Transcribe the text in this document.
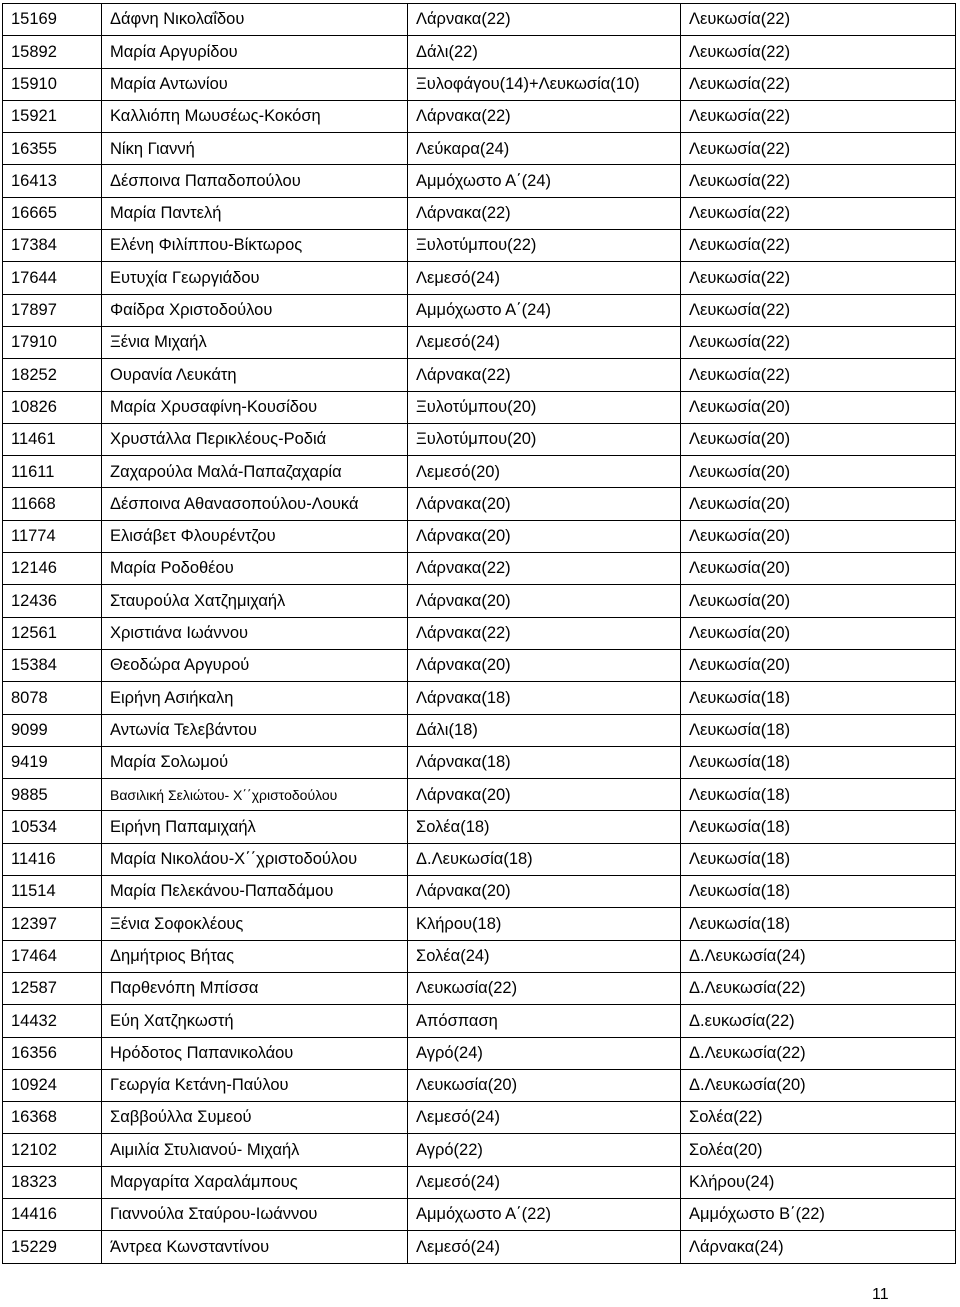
15169	Δάφνη Νικολαΐδου	Λάρνακα(22)	Λευκωσία(22)
15892	Μαρία Αργυρίδου	Δάλι(22)	Λευκωσία(22)
15910	Μαρία Αντωνίου	Ξυλοφάγου(14)+Λευκωσία(10)	Λευκωσία(22)
15921	Καλλιόπη Μωυσέως-Κοκόση	Λάρνακα(22)	Λευκωσία(22)
16355	Νίκη Γιαννή	Λεύκαρα(24)	Λευκωσία(22)
16413	Δέσποινα Παπαδοπούλου	Αμμόχωστο Α΄(24)	Λευκωσία(22)
16665	Μαρία Παντελή	Λάρνακα(22)	Λευκωσία(22)
17384	Ελένη Φιλίππου-Βίκτωρος	Ξυλοτύμπου(22)	Λευκωσία(22)
17644	Ευτυχία Γεωργιάδου	Λεμεσό(24)	Λευκωσία(22)
17897	Φαίδρα Χριστοδούλου	Αμμόχωστο Α΄(24)	Λευκωσία(22)
17910	Ξένια Μιχαήλ	Λεμεσό(24)	Λευκωσία(22)
18252	Ουρανία Λευκάτη	Λάρνακα(22)	Λευκωσία(22)
10826	Μαρία Χρυσαφίνη-Κουσίδου	Ξυλοτύμπου(20)	Λευκωσία(20)
11461	Χρυστάλλα Περικλέους-Ροδιά	Ξυλοτύμπου(20)	Λευκωσία(20)
11611	Ζαχαρούλα Μαλά-Παπαζαχαρία	Λεμεσό(20)	Λευκωσία(20)
11668	Δέσποινα Αθανασοπούλου-Λουκά	Λάρνακα(20)	Λευκωσία(20)
11774	Ελισάβετ Φλουρέντζου	Λάρνακα(20)	Λευκωσία(20)
12146	Μαρία Ροδοθέου	Λάρνακα(22)	Λευκωσία(20)
12436	Σταυρούλα Χατζημιχαήλ	Λάρνακα(20)	Λευκωσία(20)
12561	Χριστιάνα Ιωάννου	Λάρνακα(22)	Λευκωσία(20)
15384	Θεοδώρα Αργυρού	Λάρνακα(20)	Λευκωσία(20)
8078	Ειρήνη Ασιήκαλη	Λάρνακα(18)	Λευκωσία(18)
9099	Αντωνία Τελεβάντου	Δάλι(18)	Λευκωσία(18)
9419	Μαρία Σολωμού	Λάρνακα(18)	Λευκωσία(18)
9885	Βασιλική Σελιώτου- Χ΄΄χριστοδούλου	Λάρνακα(20)	Λευκωσία(18)
10534	Ειρήνη Παπαμιχαήλ	Σολέα(18)	Λευκωσία(18)
11416	Μαρία Νικολάου-Χ΄΄χριστοδούλου	Δ.Λευκωσία(18)	Λευκωσία(18)
11514	Μαρία Πελεκάνου-Παπαδάμου	Λάρνακα(20)	Λευκωσία(18)
12397	Ξένια Σοφοκλέους	Κλήρου(18)	Λευκωσία(18)
17464	Δημήτριος Βήτας	Σολέα(24)	Δ.Λευκωσία(24)
12587	Παρθενόπη Μπίσσα	Λευκωσία(22)	Δ.Λευκωσία(22)
14432	Εύη Χατζηκωστή	Απόσπαση	Δ.ευκωσία(22)
16356	Ηρόδοτος Παπανικολάου	Αγρό(24)	Δ.Λευκωσία(22)
10924	Γεωργία Κετάνη-Παύλου	Λευκωσία(20)	Δ.Λευκωσία(20)
16368	Σαββούλλα Συμεού	Λεμεσό(24)	Σολέα(22)
12102	Αιμιλία Στυλιανού- Μιχαήλ	Αγρό(22)	Σολέα(20)
18323	Μαργαρίτα Χαραλάμπους	Λεμεσό(24)	Κλήρου(24)
14416	Γιαννούλα Σταύρου-Ιωάννου	Αμμόχωστο Α΄(22)	Αμμόχωστο Β΄(22)
15229	Άντρεα Κωνσταντίνου	Λεμεσό(24)	Λάρνακα(24)
11
